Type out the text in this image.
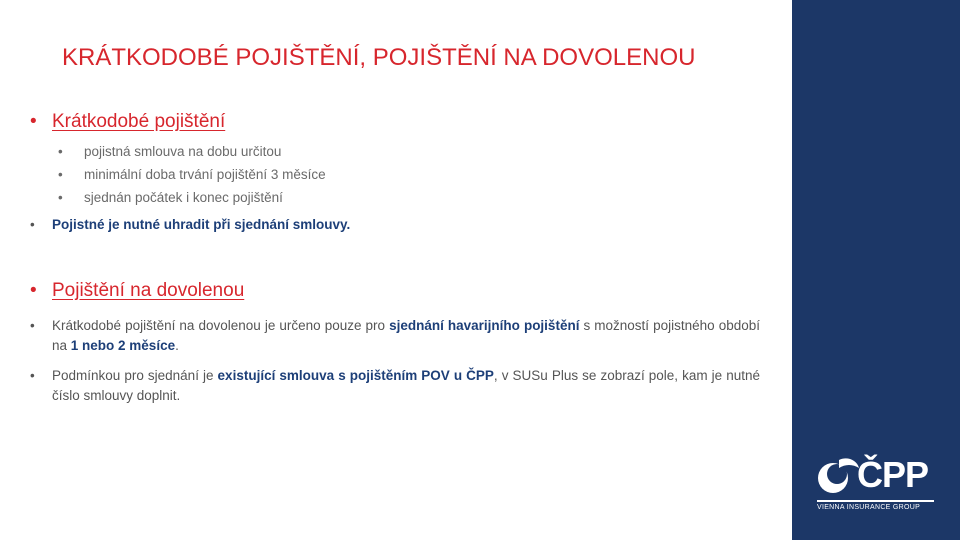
KRÁTKODOBÉ POJIŠTĚNÍ, POJIŠTĚNÍ NA DOVOLENOU
• Krátkodobé pojištění
• pojistná smlouva na dobu určitou
• minimální doba trvání pojištění 3 měsíce
• sjednán počátek i konec pojištění
•	Pojistné je nutné uhradit při sjednání smlouvy.
• Pojištění na dovolenou
•	Krátkodobé pojištění na dovolenou je určeno pouze pro sjednání havarijního pojištění s možností pojistného období na 1 nebo 2 měsíce.
•	Podmínkou pro sjednání je existující smlouva s pojištěním POV u ČPP, v SUSu Plus se zobrazí pole, kam je nutné číslo smlouvy doplnit.
ČPP
VIENNA INSURANCE GROUP
